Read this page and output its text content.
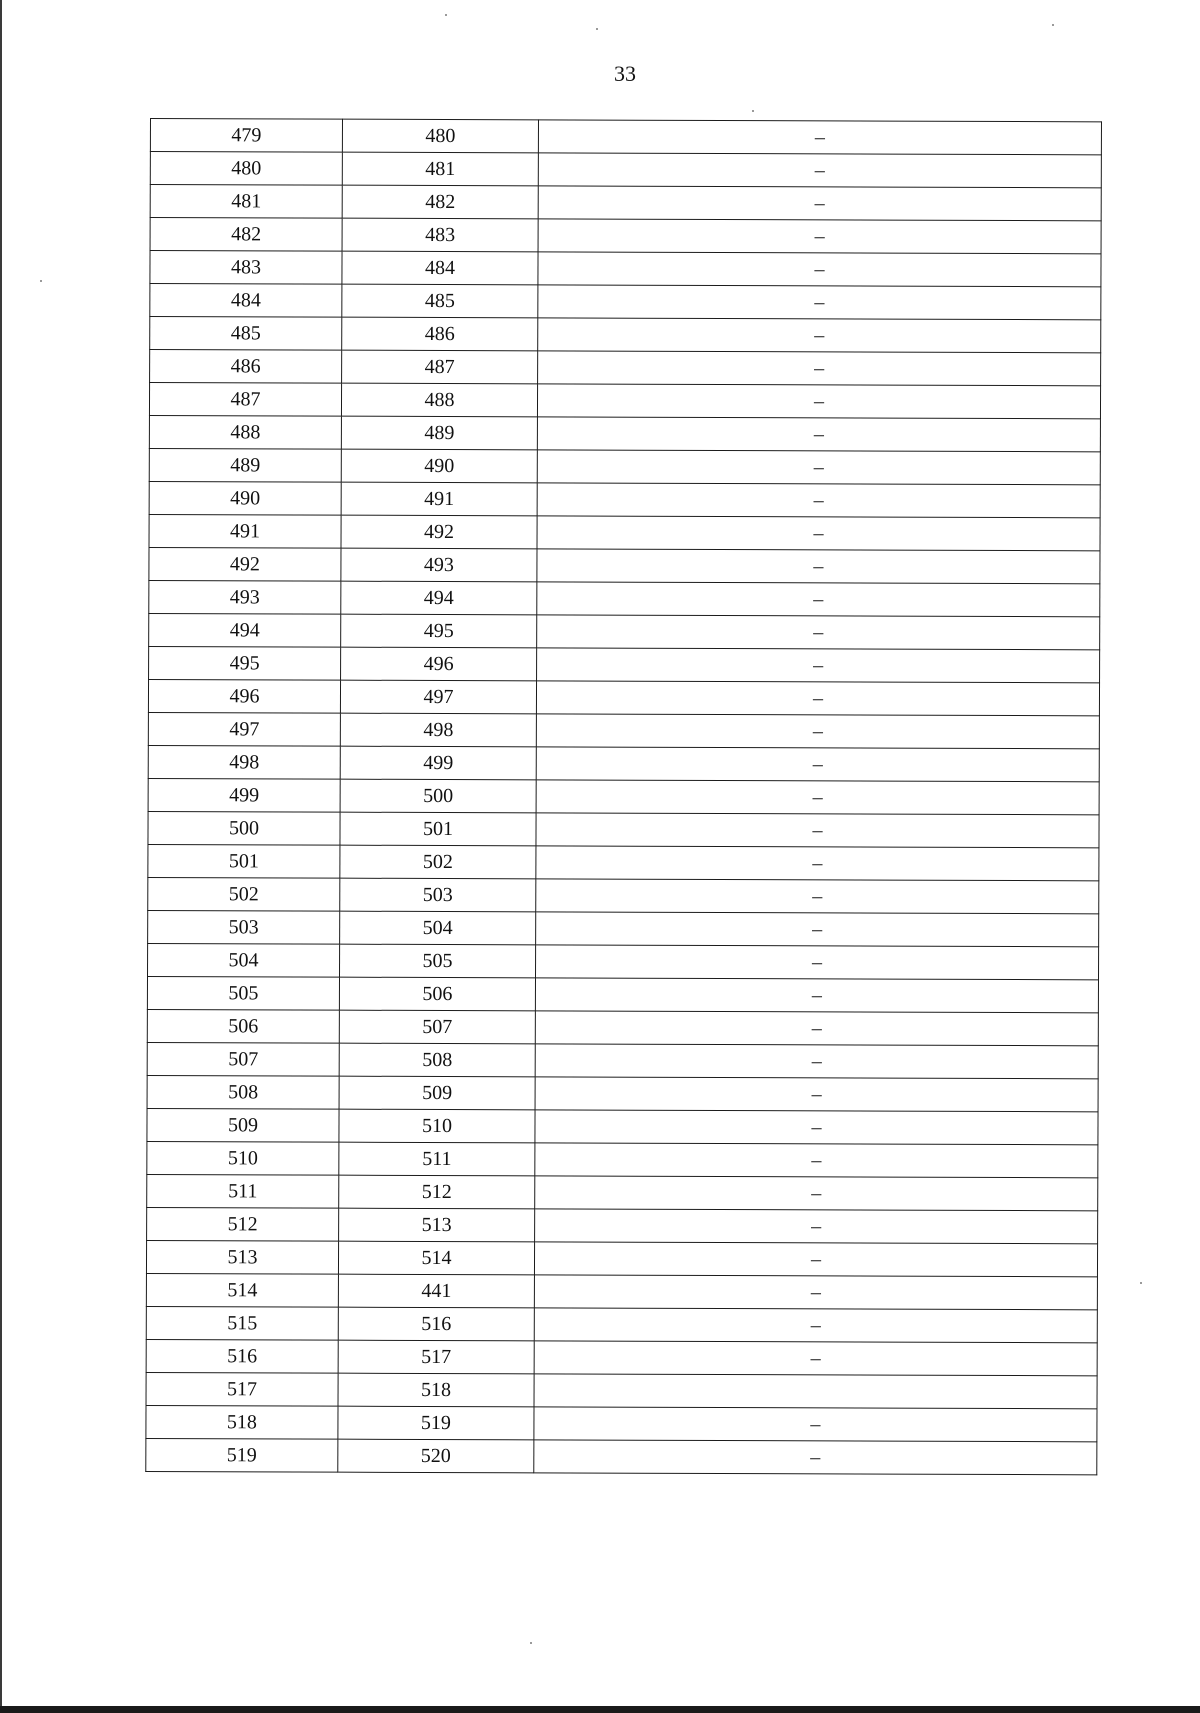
33
479	480	–
480	481	–
481	482	–
482	483	–
483	484	–
484	485	–
485	486	–
486	487	–
487	488	–
488	489	–
489	490	–
490	491	–
491	492	–
492	493	–
493	494	–
494	495	–
495	496	–
496	497	–
497	498	–
498	499	–
499	500	–
500	501	–
501	502	–
502	503	–
503	504	–
504	505	–
505	506	–
506	507	–
507	508	–
508	509	–
509	510	–
510	511	–
511	512	–
512	513	–
513	514	–
514	441	–
515	516	–
516	517	–
517	518	
518	519	–
519	520	–
